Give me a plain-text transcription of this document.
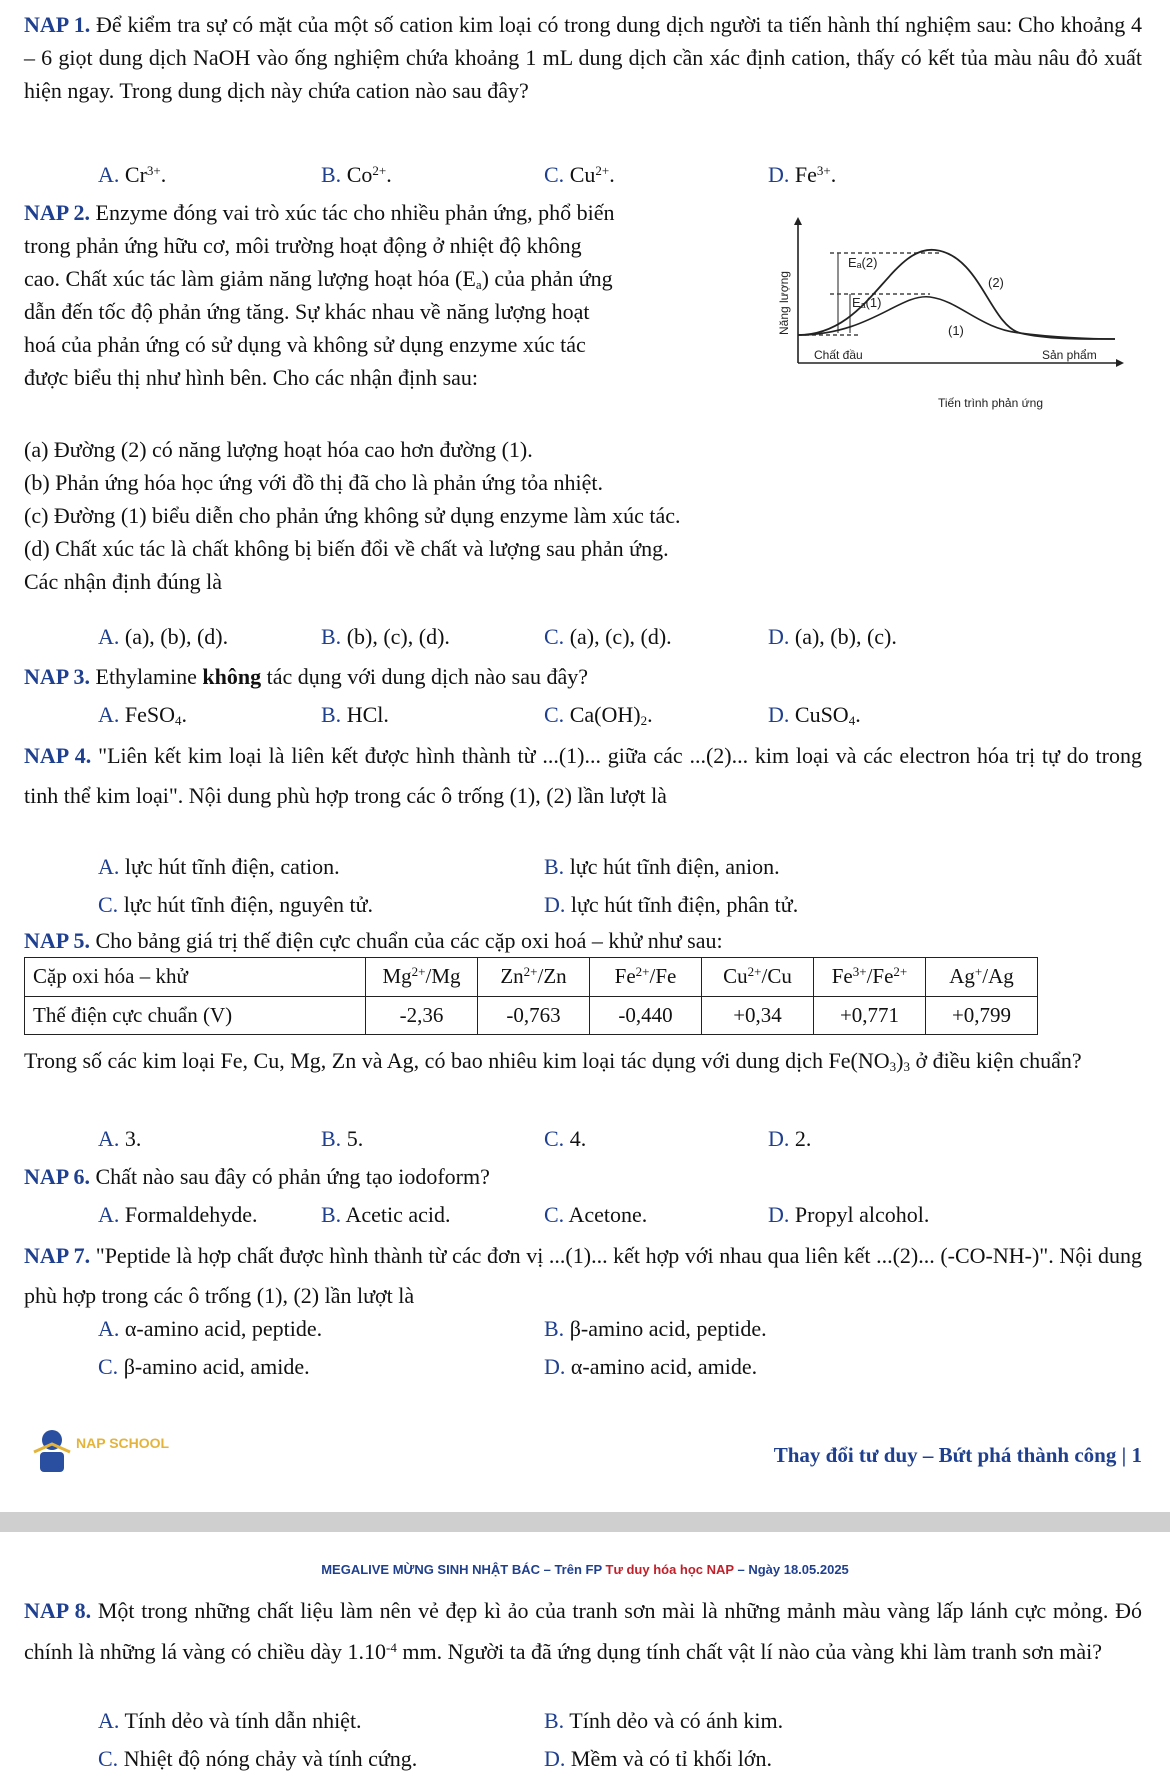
NAP 1. Để kiểm tra sự có mặt của một số cation kim loại có trong dung dịch người ta tiến hành thí nghiệm sau: Cho khoảng 4 – 6 giọt dung dịch NaOH vào ống nghiệm chứa khoảng 1 mL dung dịch cần xác định cation, thấy có kết tủa màu nâu đỏ xuất hiện ngay. Trong dung dịch này chứa cation nào sau đây?
A. $Cr^{3+}$.	B. $Co^{2+}$.	C. $Cu^{2+}$.	D. $Fe^{3+}$.
NAP 2. Enzyme đóng vai trò xúc tác cho nhiều phản ứng, phổ biến
trong phản ứng hữu cơ, môi trường hoạt động ở nhiệt độ không
cao. Chất xúc tác làm giảm năng lượng hoạt hóa $(E_a)$ của phản ứng
dẫn đến tốc độ phản ứng tăng. Sự khác nhau về năng lượng hoạt
hoá của phản ứng có sử dụng và không sử dụng enzyme xúc tác
được biểu thị như hình bên. Cho các nhận định sau:
Năng lượng
Eₐ(2)
Eₐ(1)
(2)
(1)
Chất đầu	Sản phẩm
Tiến trình phản ứng
(a) Đường (2) có năng lượng hoạt hóa cao hơn đường (1).
(b) Phản ứng hóa học ứng với đồ thị đã cho là phản ứng tỏa nhiệt.
(c) Đường (1) biểu diễn cho phản ứng không sử dụng enzyme làm xúc tác.
(d) Chất xúc tác là chất không bị biến đổi về chất và lượng sau phản ứng.
Các nhận định đúng là
A. (a), (b), (d).	B. (b), (c), (d).	C. (a), (c), (d).	D. (a), (b), (c).
NAP 3. Ethylamine không tác dụng với dung dịch nào sau đây?
A. FeSO$_4$.	B. HCl.	C. $Ca(OH)_2$.	D. CuSO$_4$.
NAP 4. "Liên kết kim loại là liên kết được hình thành từ ...(1)... giữa các ...(2)... kim loại và các electron hóa trị tự do trong tinh thể kim loại". Nội dung phù hợp trong các ô trống (1), (2) lần lượt là
A. lực hút tĩnh điện, cation.	B. lực hút tĩnh điện, anion.
C. lực hút tĩnh điện, nguyên tử.	D. lực hút tĩnh điện, phân tử.
NAP 5. Cho bảng giá trị thế điện cực chuẩn của các cặp oxi hoá – khử như sau:
Cặp oxi hóa – khử	$Mg^{2+}/Mg$	$Zn^{2+}/Zn$	$Fe^{2+}/Fe$	$Cu^{2+}/Cu$	$Fe^{3+}/Fe^{2+}$	Ag+/Ag
Thế điện cực chuẩn (V)	-2,36	-0,763	-0,440	+0,34	+0,771	+0,799
Trong số các kim loại Fe, Cu, Mg, Zn và Ag, có bao nhiêu kim loại tác dụng với dung dịch $Fe(NO_3)_3$ ở điều kiện chuẩn?
A. 3.	B. 5.	C. 4.	D. 2.
NAP 6. Chất nào sau đây có phản ứng tạo iodoform?
A. Formaldehyde.	B. Acetic acid.	C. Acetone.	D. Propyl alcohol.
NAP 7. "Peptide là hợp chất được hình thành từ các đơn vị ...(1)... kết hợp với nhau qua liên kết ...(2)... (-CO-NH-)". Nội dung phù hợp trong các ô trống (1), (2) lần lượt là
A. α-amino acid, peptide.	B. β-amino acid, peptide.
C. β-amino acid, amide.	D. α-amino acid, amide.
NAP SCHOOL	Thay đổi tư duy – Bứt phá thành công | 1
MEGALIVE MỪNG SINH NHẬT BÁC – Trên FP Tư duy hóa học NAP – Ngày 18.05.2025
NAP 8. Một trong những chất liệu làm nên vẻ đẹp kì ảo của tranh sơn mài là những mảnh màu vàng lấp lánh cực mỏng. Đó chính là những lá vàng có chiều dày $1.10^{-4}$ mm. Người ta đã ứng dụng tính chất vật lí nào của vàng khi làm tranh sơn mài?
A. Tính dẻo và tính dẫn nhiệt.	B. Tính dẻo và có ánh kim.
C. Nhiệt độ nóng chảy và tính cứng.	D. Mềm và có tỉ khối lớn.
